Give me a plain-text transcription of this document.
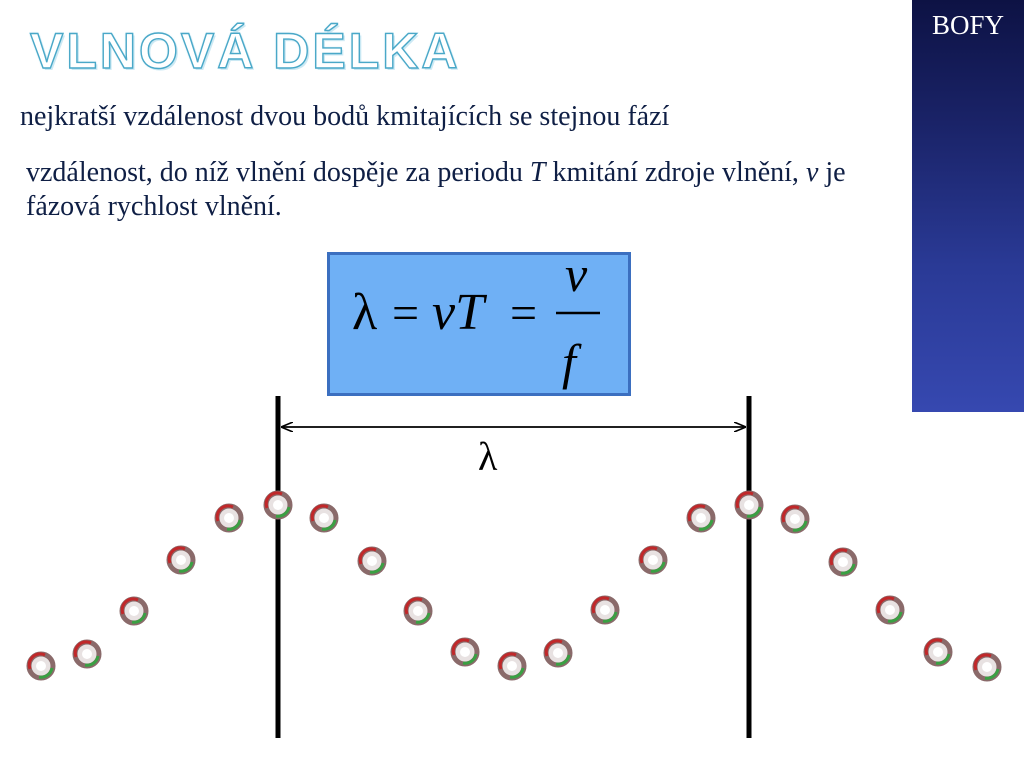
VLNOVÁ DÉLKA	BOFY

nejkratší vzdálenost dvou bodů kmitajících se stejnou fází

vzdálenost, do níž vlnění dospěje za periodu T kmitání zdroje vlnění, v je fázová rychlost vlnění.

λ = vT =
v
f
λ
